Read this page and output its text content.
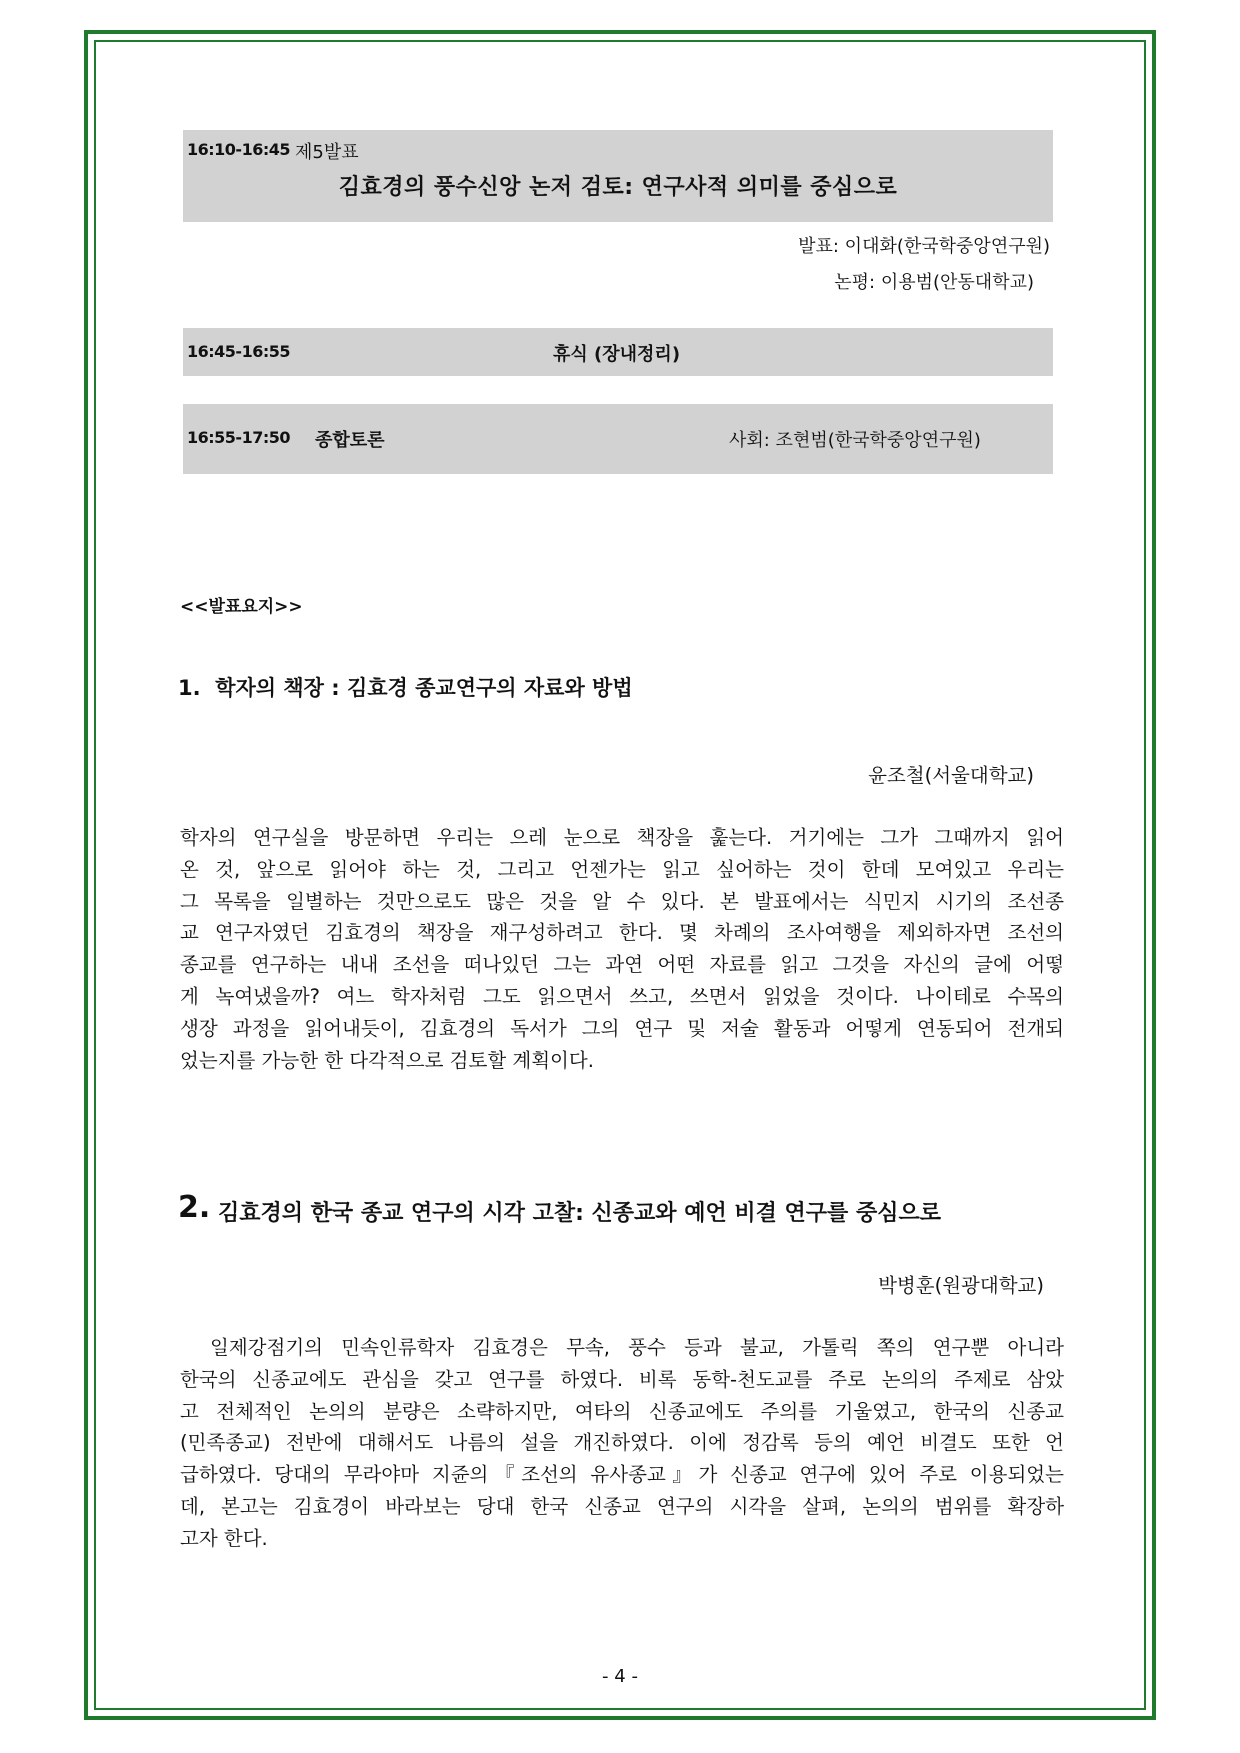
16:10-16:45 제5발표
김효경의 풍수신앙 논저 검토: 연구사적 의미를 중심으로
발표: 이대화(한국학중앙연구원)
논평: 이용범(안동대학교)
16:45-16:55	휴식 (장내정리)
16:55-17:50 종합토론	사회: 조현범(한국학중앙연구원)
<<발표요지>>
1.  학자의 책장 : 김효경 종교연구의 자료와 방법
윤조철(서울대학교)
학자의 연구실을 방문하면 우리는 으레 눈으로 책장을 훑는다. 거기에는 그가 그때까지 읽어
온 것, 앞으로 읽어야 하는 것, 그리고 언젠가는 읽고 싶어하는 것이 한데 모여있고 우리는
그 목록을 일별하는 것만으로도 많은 것을 알 수 있다. 본 발표에서는 식민지 시기의 조선종
교 연구자였던 김효경의 책장을 재구성하려고 한다. 몇 차례의 조사여행을 제외하자면 조선의
종교를 연구하는 내내 조선을 떠나있던 그는 과연 어떤 자료를 읽고 그것을 자신의 글에 어떻
게 녹여냈을까? 여느 학자처럼 그도 읽으면서 쓰고, 쓰면서 읽었을 것이다. 나이테로 수목의
생장 과정을 읽어내듯이, 김효경의 독서가 그의 연구 및 저술 활동과 어떻게 연동되어 전개되
었는지를 가능한 한 다각적으로 검토할 계획이다.
2. 김효경의 한국 종교 연구의 시각 고찰: 신종교와 예언 비결 연구를 중심으로
박병훈(원광대학교)
일제강점기의 민속인류학자 김효경은 무속, 풍수 등과 불교, 가톨릭 쪽의 연구뿐 아니라
한국의 신종교에도 관심을 갖고 연구를 하였다. 비록 동학-천도교를 주로 논의의 주제로 삼았
고 전체적인 논의의 분량은 소략하지만, 여타의 신종교에도 주의를 기울였고, 한국의 신종교
(민족종교) 전반에 대해서도 나름의 설을 개진하였다. 이에 정감록 등의 예언 비결도 또한 언
급하였다. 당대의 무라야마 지쥰의『조선의 유사종교』가 신종교 연구에 있어 주로 이용되었는
데, 본고는 김효경이 바라보는 당대 한국 신종교 연구의 시각을 살펴, 논의의 범위를 확장하
고자 한다.
- 4 -
